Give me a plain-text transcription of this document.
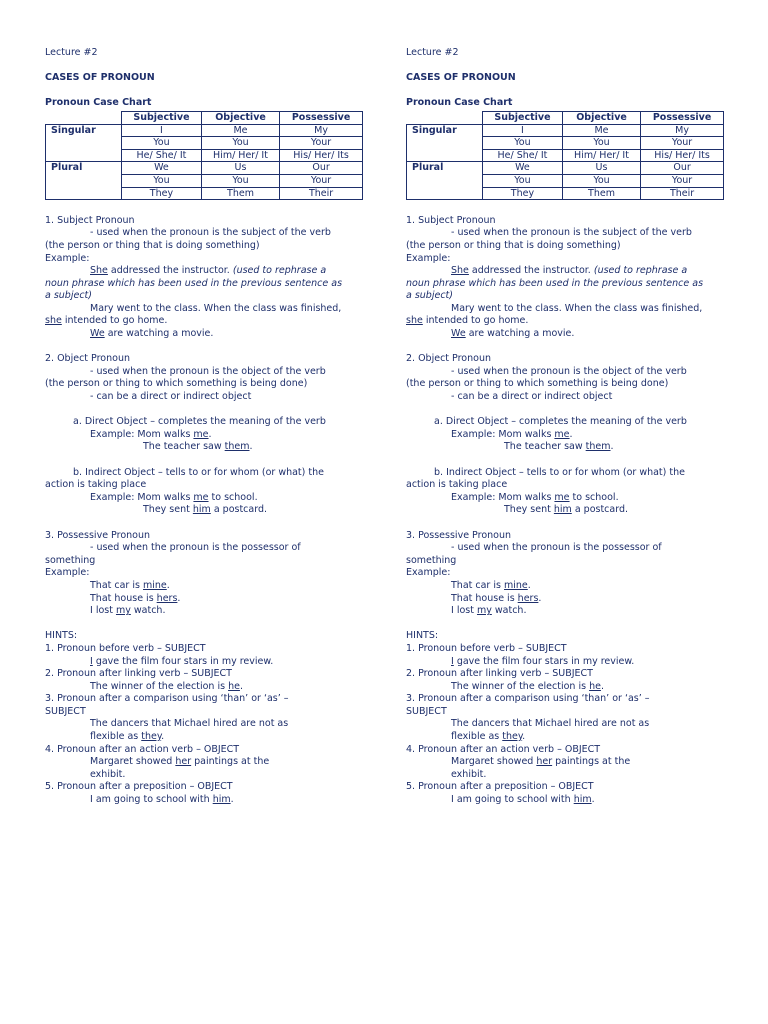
Lecture #2
CASES OF PRONOUN
Pronoun Case Chart
	Subjective	Objective	Possessive
Singular	I	Me	My
	You	You	Your
	He/ She/ It	Him/ Her/ It	His/ Her/ Its
Plural	We	Us	Our
	You	You	Your
	They	Them	Their
1. Subject Pronoun
- used when the pronoun is the subject of the verb
(the person or thing that is doing something)
Example:
She addressed the instructor. (used to rephrase a
noun phrase which has been used in the previous sentence as
a subject)
Mary went to the class. When the class was finished,
she intended to go home.
We are watching a movie.
2. Object Pronoun
- used when the pronoun is the object of the verb
(the person or thing to which something is being done)
- can be a direct or indirect object
a. Direct Object – completes the meaning of the verb
Example: Mom walks me.
The teacher saw them.
b. Indirect Object – tells to or for whom (or what) the
action is taking place
Example: Mom walks me to school.
They sent him a postcard.
3. Possessive Pronoun
- used when the pronoun is the possessor of
something
Example:
That car is mine.
That house is hers.
I lost my watch.
HINTS:
1. Pronoun before verb – SUBJECT
I gave the film four stars in my review.
2. Pronoun after linking verb – SUBJECT
The winner of the election is he.
3. Pronoun after a comparison using ‘than’ or ‘as’ –
SUBJECT
The dancers that Michael hired are not as
flexible as they.
4. Pronoun after an action verb – OBJECT
Margaret showed her paintings at the
exhibit.
5. Pronoun after a preposition – OBJECT
I am going to school with him.
Lecture #2
CASES OF PRONOUN
Pronoun Case Chart
	Subjective	Objective	Possessive
Singular	I	Me	My
	You	You	Your
	He/ She/ It	Him/ Her/ It	His/ Her/ Its
Plural	We	Us	Our
	You	You	Your
	They	Them	Their
1. Subject Pronoun
- used when the pronoun is the subject of the verb
(the person or thing that is doing something)
Example:
She addressed the instructor. (used to rephrase a
noun phrase which has been used in the previous sentence as
a subject)
Mary went to the class. When the class was finished,
she intended to go home.
We are watching a movie.
2. Object Pronoun
- used when the pronoun is the object of the verb
(the person or thing to which something is being done)
- can be a direct or indirect object
a. Direct Object – completes the meaning of the verb
Example: Mom walks me.
The teacher saw them.
b. Indirect Object – tells to or for whom (or what) the
action is taking place
Example: Mom walks me to school.
They sent him a postcard.
3. Possessive Pronoun
- used when the pronoun is the possessor of
something
Example:
That car is mine.
That house is hers.
I lost my watch.
HINTS:
1. Pronoun before verb – SUBJECT
I gave the film four stars in my review.
2. Pronoun after linking verb – SUBJECT
The winner of the election is he.
3. Pronoun after a comparison using ‘than’ or ‘as’ –
SUBJECT
The dancers that Michael hired are not as
flexible as they.
4. Pronoun after an action verb – OBJECT
Margaret showed her paintings at the
exhibit.
5. Pronoun after a preposition – OBJECT
I am going to school with him.
